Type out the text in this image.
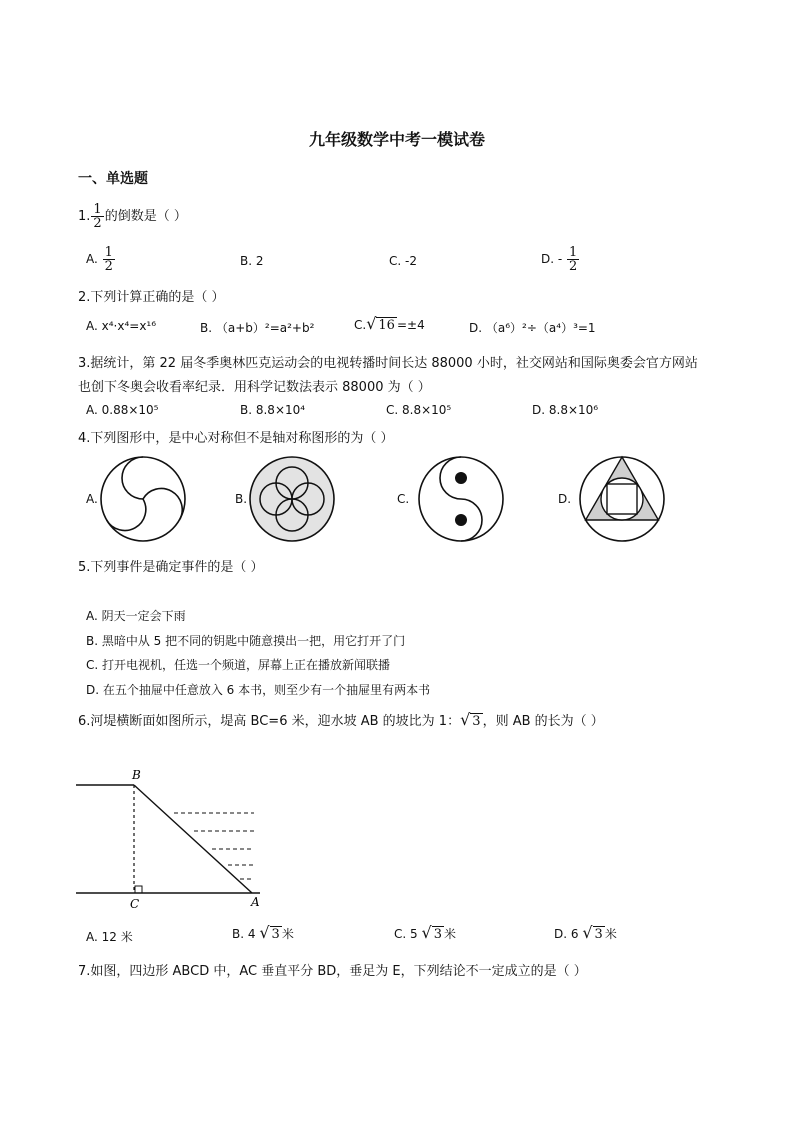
九年级数学中考一模试卷
一、单选题
1. $\frac{1}{2}$ 的倒数是（ ）
A. $\frac{1}{2}$	B. 2	C. -2	D. - $\frac{1}{2}$
2.下列计算正确的是（ ）
A. x⁴·x⁴=x¹⁶	B. （a+b）²=a²+b²	C.√ 16 =±4	D. （a⁶）²÷（a⁴）³=1
3.据统计，第 22 届冬季奥林匹克运动会的电视转播时间长达 88000 小时，社交网站和国际奥委会官方网站
也创下冬奥会收看率纪录．用科学记数法表示 88000 为（ ）
A. 0.88×10⁵	B. 8.8×10⁴	C. 8.8×10⁵	D. 8.8×10⁶
4.下列图形中，是中心对称但不是轴对称图形的为（ ）
A.	B.	C.	D.
5.下列事件是确定事件的是（ ）
A. 阴天一定会下雨
B. 黑暗中从 5 把不同的钥匙中随意摸出一把，用它打开了门
C. 打开电视机，任选一个频道，屏幕上正在播放新闻联播
D. 在五个抽屉中任意放入 6 本书，则至少有一个抽屉里有两本书
6.河堤横断面如图所示，堤高 BC=6 米，迎水坡 AB 的坡比为 1：√ 3 ，则 AB 的长为（ ）
B
C	A
A. 12 米	B. 4 √ 3 米	C. 5 √ 3 米	D. 6 √ 3 米
7.如图，四边形 ABCD 中，AC 垂直平分 BD，垂足为 E，下列结论不一定成立的是（ ）
